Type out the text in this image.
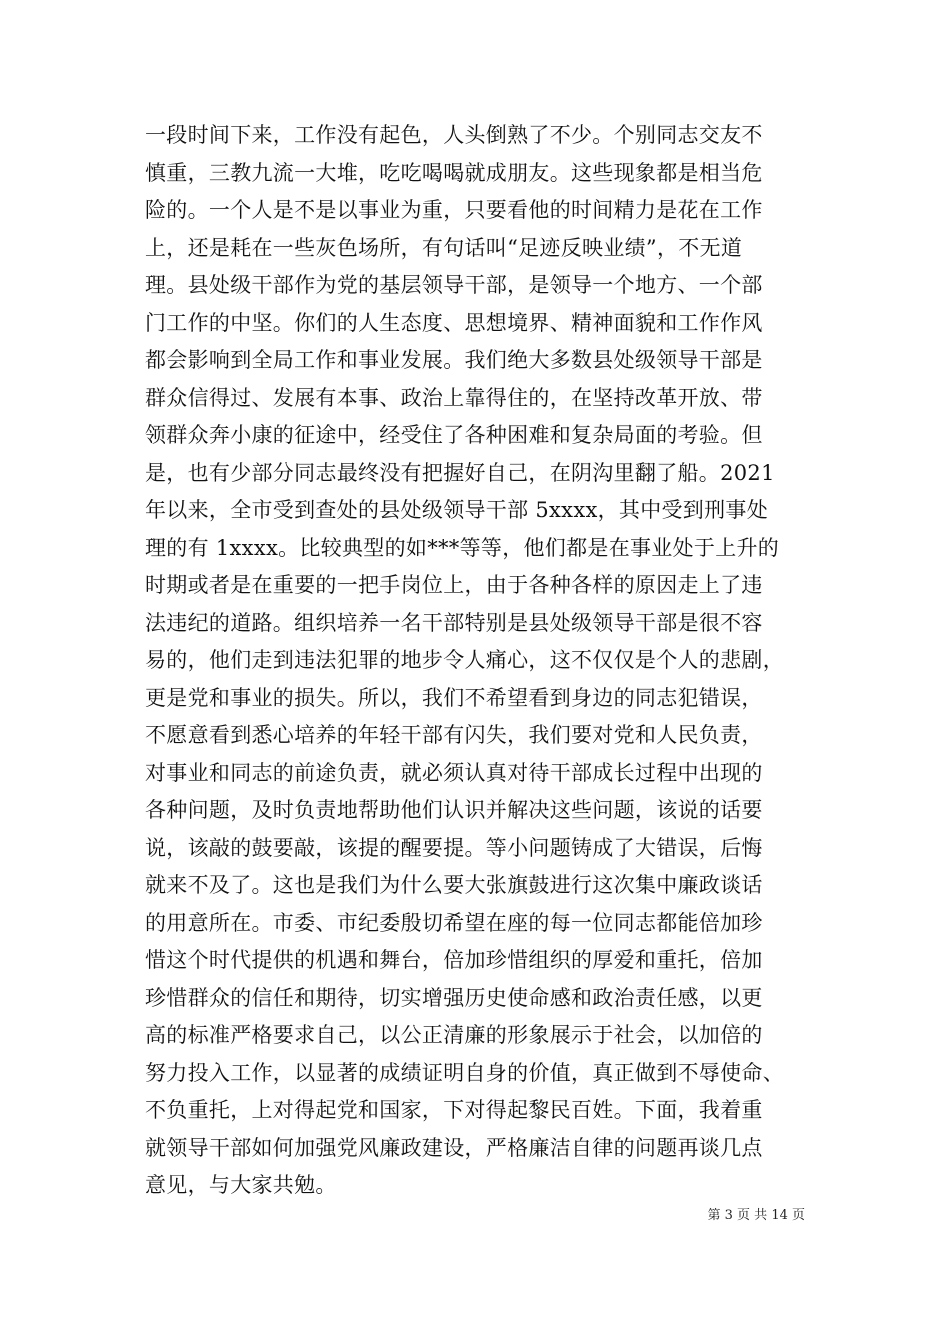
一段时间下来，工作没有起色，人头倒熟了不少。个别同志交友不
慎重，三教九流一大堆，吃吃喝喝就成朋友。这些现象都是相当危
险的。一个人是不是以事业为重，只要看他的时间精力是花在工作
上，还是耗在一些灰色场所，有句话叫“足迹反映业绩”，不无道
理。县处级干部作为党的基层领导干部，是领导一个地方、一个部
门工作的中坚。你们的人生态度、思想境界、精神面貌和工作作风
都会影响到全局工作和事业发展。我们绝大多数县处级领导干部是
群众信得过、发展有本事、政治上靠得住的，在坚持改革开放、带
领群众奔小康的征途中，经受住了各种困难和复杂局面的考验。但
是，也有少部分同志最终没有把握好自己，在阴沟里翻了船。2021
年以来，全市受到查处的县处级领导干部 5xxxx，其中受到刑事处
理的有 1xxxx。比较典型的如***等等，他们都是在事业处于上升的
时期或者是在重要的一把手岗位上，由于各种各样的原因走上了违
法违纪的道路。组织培养一名干部特别是县处级领导干部是很不容
易的，他们走到违法犯罪的地步令人痛心，这不仅仅是个人的悲剧，
更是党和事业的损失。所以，我们不希望看到身边的同志犯错误，
不愿意看到悉心培养的年轻干部有闪失，我们要对党和人民负责，
对事业和同志的前途负责，就必须认真对待干部成长过程中出现的
各种问题，及时负责地帮助他们认识并解决这些问题，该说的话要
说，该敲的鼓要敲，该提的醒要提。等小问题铸成了大错误，后悔
就来不及了。这也是我们为什么要大张旗鼓进行这次集中廉政谈话
的用意所在。市委、市纪委殷切希望在座的每一位同志都能倍加珍
惜这个时代提供的机遇和舞台，倍加珍惜组织的厚爱和重托，倍加
珍惜群众的信任和期待，切实增强历史使命感和政治责任感，以更
高的标准严格要求自己，以公正清廉的形象展示于社会，以加倍的
努力投入工作，以显著的成绩证明自身的价值，真正做到不辱使命、
不负重托，上对得起党和国家，下对得起黎民百姓。下面，我着重
就领导干部如何加强党风廉政建设，严格廉洁自律的问题再谈几点
意见，与大家共勉。
第 3 页 共 14 页
